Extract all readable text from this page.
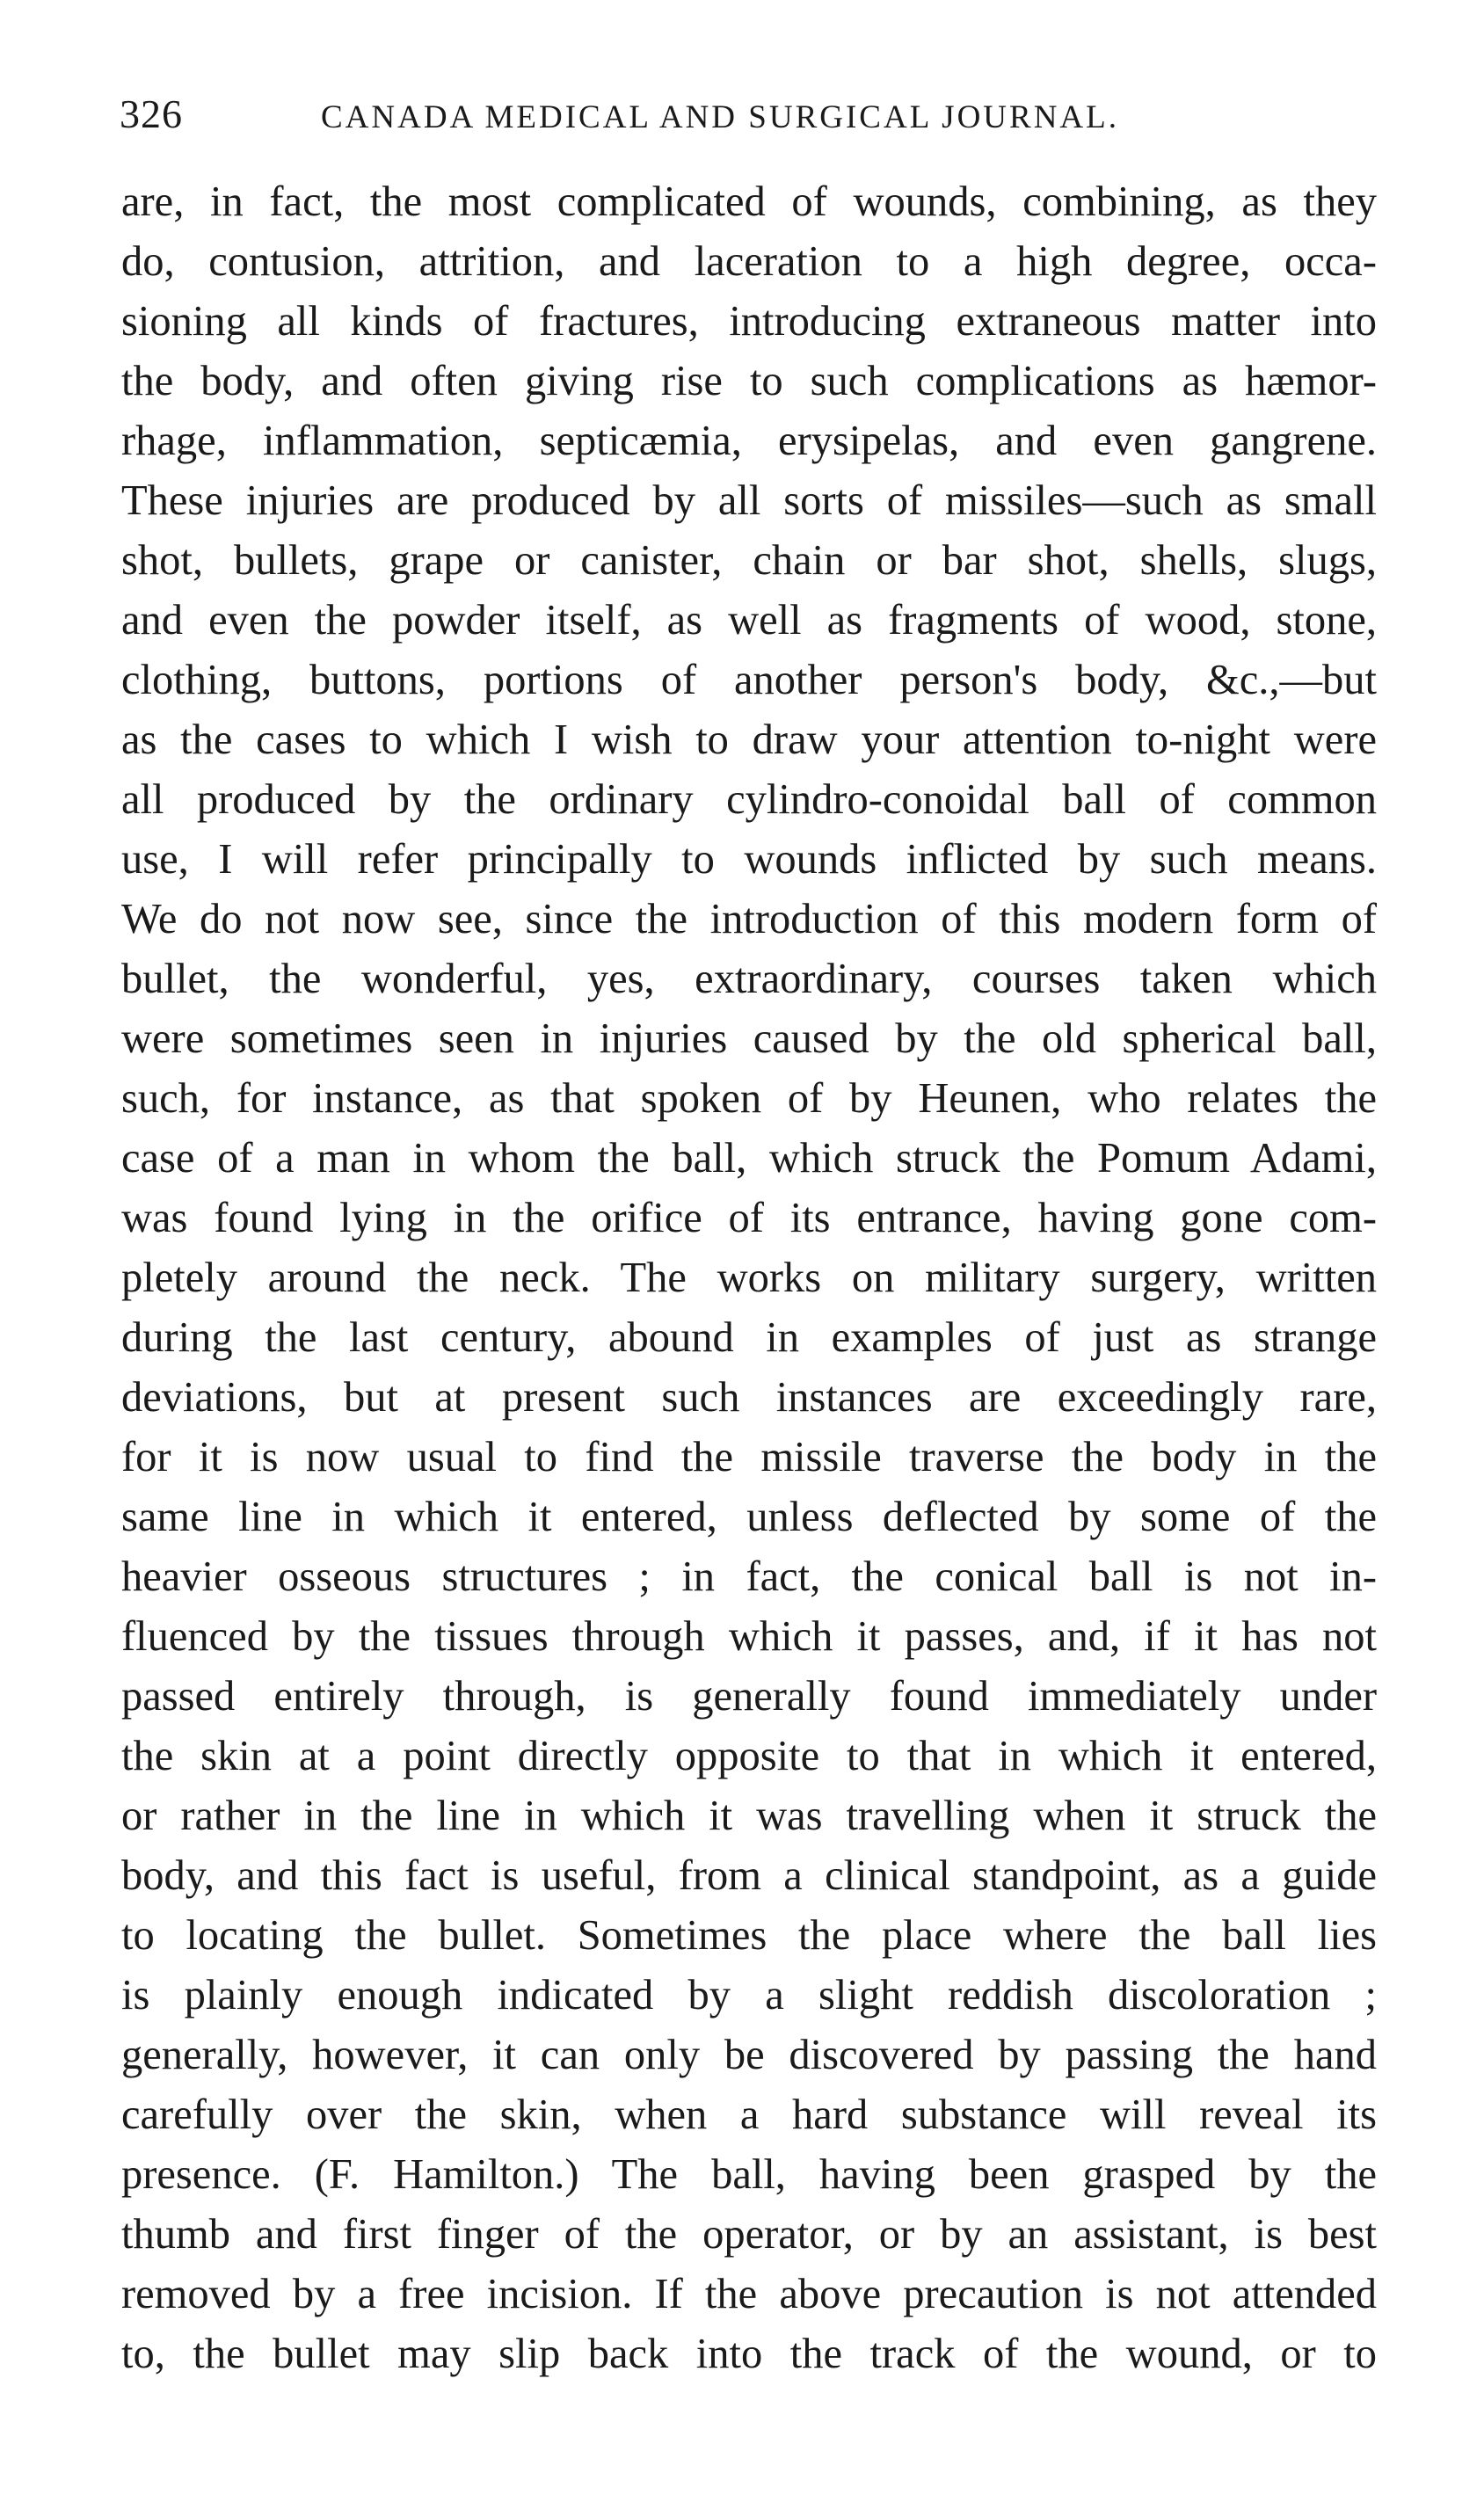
326	CANADA MEDICAL AND SURGICAL JOURNAL.
are, in fact, the most complicated of wounds, combining, as they
do, contusion, attrition, and laceration to a high degree, occa-
sioning all kinds of fractures, introducing extraneous matter into
the body, and often giving rise to such complications as hæmor-
rhage, inflammation, septicæmia, erysipelas, and even gangrene.
These injuries are produced by all sorts of missiles—such as small
shot, bullets, grape or canister, chain or bar shot, shells, slugs,
and even the powder itself, as well as fragments of wood, stone,
clothing, buttons, portions of another person's body, &c.,—but
as the cases to which I wish to draw your attention to-night were
all produced by the ordinary cylindro-conoidal ball of common
use, I will refer principally to wounds inflicted by such means.
We do not now see, since the introduction of this modern form of
bullet, the wonderful, yes, extraordinary, courses taken which
were sometimes seen in injuries caused by the old spherical ball,
such, for instance, as that spoken of by Heunen, who relates the
case of a man in whom the ball, which struck the Pomum Adami,
was found lying in the orifice of its entrance, having gone com-
pletely around the neck. The works on military surgery, written
during the last century, abound in examples of just as strange
deviations, but at present such instances are exceedingly rare,
for it is now usual to find the missile traverse the body in the
same line in which it entered, unless deflected by some of the
heavier osseous structures ; in fact, the conical ball is not in-
fluenced by the tissues through which it passes, and, if it has not
passed entirely through, is generally found immediately under
the skin at a point directly opposite to that in which it entered,
or rather in the line in which it was travelling when it struck the
body, and this fact is useful, from a clinical standpoint, as a guide
to locating the bullet. Sometimes the place where the ball lies
is plainly enough indicated by a slight reddish discoloration ;
generally, however, it can only be discovered by passing the hand
carefully over the skin, when a hard substance will reveal its
presence. (F. Hamilton.) The ball, having been grasped by the
thumb and first finger of the operator, or by an assistant, is best
removed by a free incision. If the above precaution is not attended
to, the bullet may slip back into the track of the wound, or to
